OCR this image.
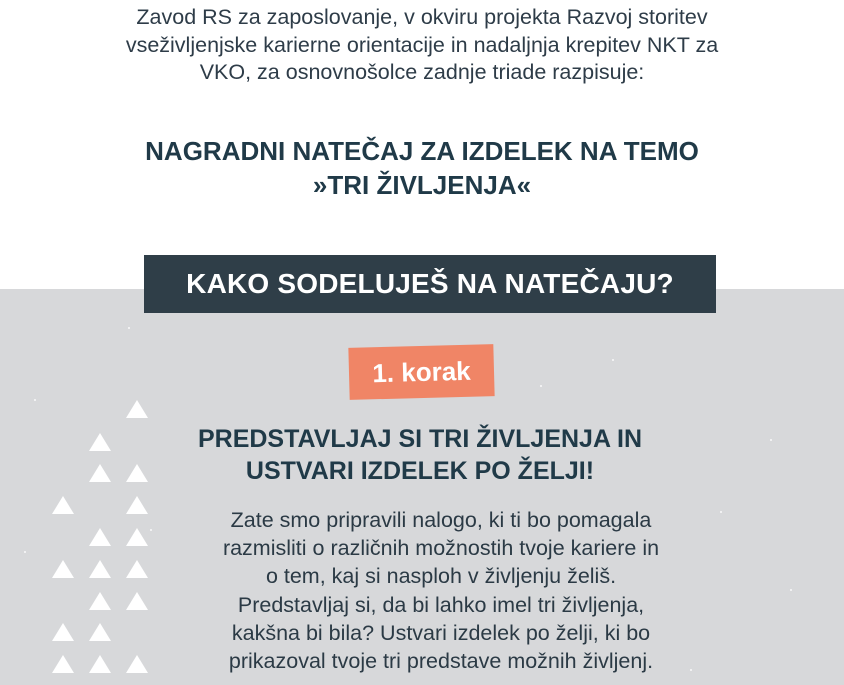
Zavod RS za zaposlovanje, v okviru projekta Razvoj storitev
vseživljenjske karierne orientacije in nadaljnja krepitev NKT za
VKO, za osnovnošolce zadnje triade razpisuje:
NAGRADNI NATEČAJ ZA IZDELEK NA TEMO
»TRI ŽIVLJENJA«
KAKO SODELUJEŠ NA NATEČAJU?
1. korak
PREDSTAVLJAJ SI TRI ŽIVLJENJA IN
USTVARI IZDELEK PO ŽELJI!
Zate smo pripravili nalogo, ki ti bo pomagala
razmisliti o različnih možnostih tvoje kariere in
o tem, kaj si nasploh v življenju želiš.
Predstavljaj si, da bi lahko imel tri življenja,
kakšna bi bila? Ustvari izdelek po želji, ki bo
prikazoval tvoje tri predstave možnih življenj.
